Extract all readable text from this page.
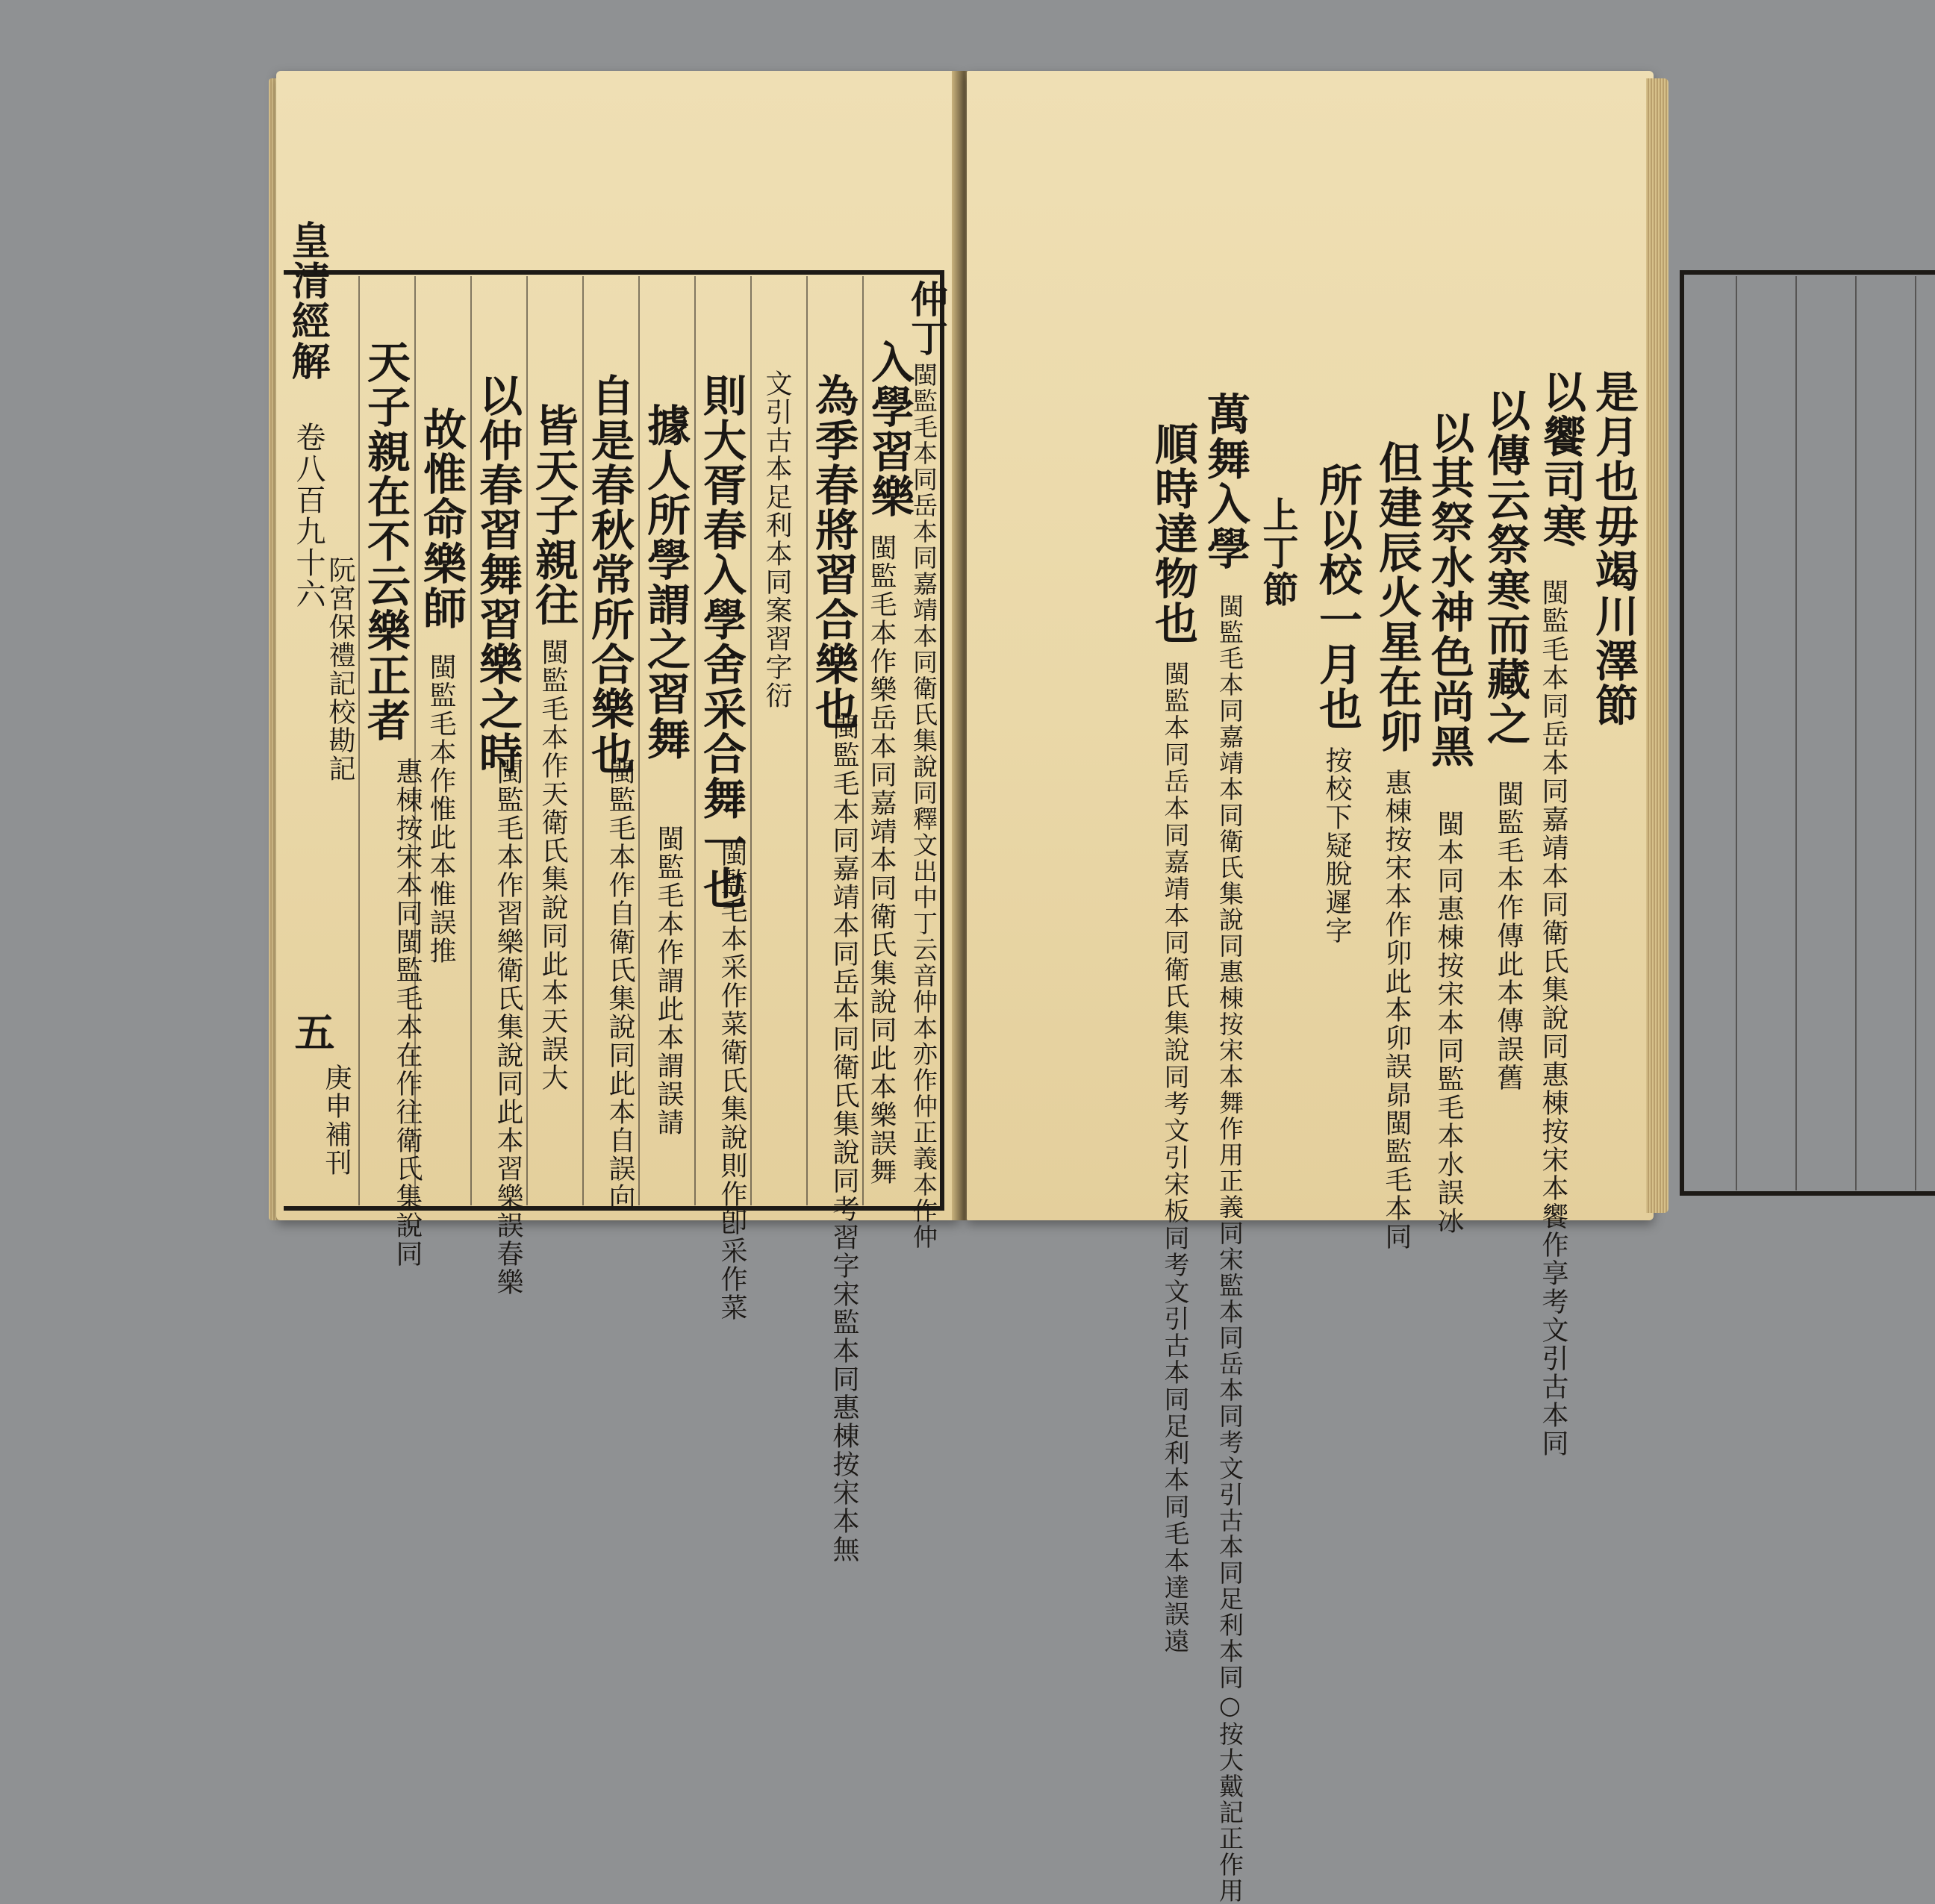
皇清經解
卷八百九十六
阮宮保禮記校勘記
五
庚申補刊
天子親在不云樂正者
惠棟按宋本同閩監毛本在作往衛氏集說同
故惟命樂師
閩監毛本作惟此本惟誤推
以仲春習舞習樂之時
閩監毛本作習樂衛氏集說同此本習樂誤春樂
皆天子親往
閩監毛本作天衛氏集說同此本天誤大
自是春秋常所合樂也
閩監毛本作自衛氏集說同此本自誤向
據人所學謂之習舞
閩監毛本作謂此本謂誤請
則大胥春入學舍采合舞一也
閩監毛本采作菜衛氏集說則作卽采作菜
文引古本足利本同案習字衍 為季春將習合樂也
閩監毛本同嘉靖本同岳本同衛氏集說同考習字宋監本同惠棟按宋本無
入學習樂
閩監毛本作樂岳本同嘉靖本同衛氏集說同此本樂誤舞
仲丁
閩監毛本同岳本同嘉靖本同衛氏集說同釋文出中丁云音仲本亦作仲正義本作仲	是月也毋竭川澤節
以饗司寒
閩監毛本同岳本同嘉靖本同衛氏集說同惠棟按宋本饗作享考文引古本同
以傳云祭寒而藏之
閩監毛本作傳此本傳誤舊
以其祭水神色尚黑
閩本同惠棟按宋本同監毛本水誤冰
但建辰火星在卯
惠棟按宋本作卯此本卯誤昴閩監毛本同
所以校一月也
按校下疑脫遲字
上丁節
萬舞入學
閩監毛本同嘉靖本同衛氏集說同惠棟按宋本舞作用正義同宋監本同岳本同考文引古本同足利本同○按大戴記正作用
順時達物也
閩監本同岳本同嘉靖本同衛氏集說同考文引宋板同考文引古本同足利本同毛本達誤遠
